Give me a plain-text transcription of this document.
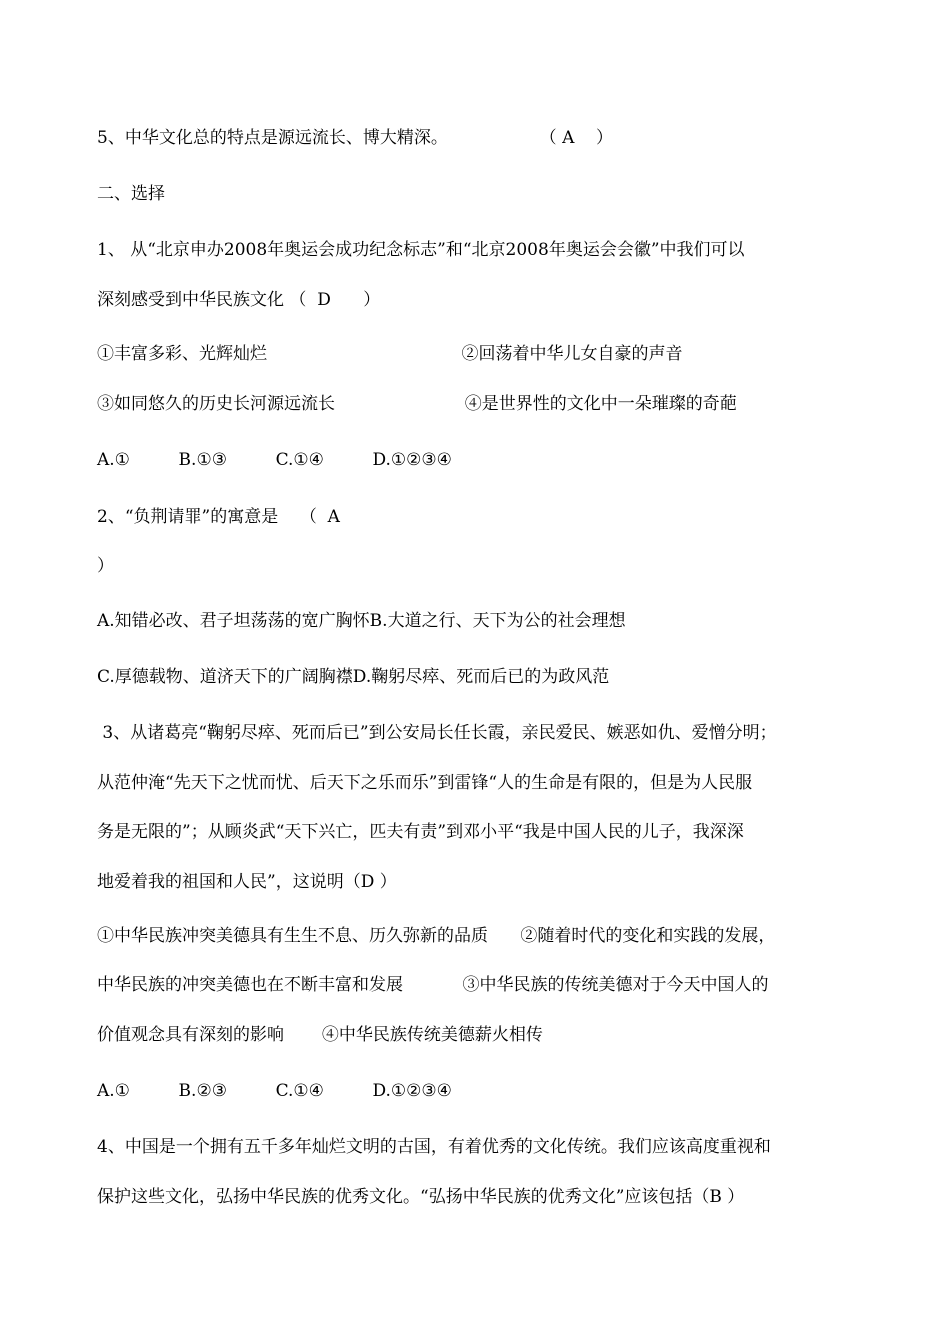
5、中华文化总的特点是源远流长、博大精深。                 （ A    ）
二、选择
1、 从“北京申办2008年奥运会成功纪念标志”和“北京2008年奥运会会徽”中我们可以
深刻感受到中华民族文化 （  D      ）
①丰富多彩、光辉灿烂                                    ②回荡着中华儿女自豪的声音
③如同悠久的历史长河源远流长                        ④是世界性的文化中一朵璀璨的奇葩
A.①         B.①③         C.①④         D.①②③④
2、“负荆请罪”的寓意是    （  A
）
A.知错必改、君子坦荡荡的宽广胸怀B.大道之行、天下为公的社会理想
C.厚德载物、道济天下的广阔胸襟D.鞠躬尽瘁、死而后已的为政风范
3、从诸葛亮“鞠躬尽瘁、死而后已”到公安局长任长霞，亲民爱民、嫉恶如仇、爱憎分明；
从范仲淹“先天下之忧而忧、后天下之乐而乐”到雷锋“人的生命是有限的，但是为人民服
务是无限的”；从顾炎武“天下兴亡，匹夫有责”到邓小平“我是中国人民的儿子，我深深
地爱着我的祖国和人民”，这说明（D ）
①中华民族冲突美德具有生生不息、历久弥新的品质      ②随着时代的变化和实践的发展，
中华民族的冲突美德也在不断丰富和发展           ③中华民族的传统美德对于今天中国人的
价值观念具有深刻的影响       ④中华民族传统美德薪火相传
A.①         B.②③         C.①④         D.①②③④
4、中国是一个拥有五千多年灿烂文明的古国，有着优秀的文化传统。我们应该高度重视和
保护这些文化，弘扬中华民族的优秀文化。“弘扬中华民族的优秀文化”应该包括（B ）
